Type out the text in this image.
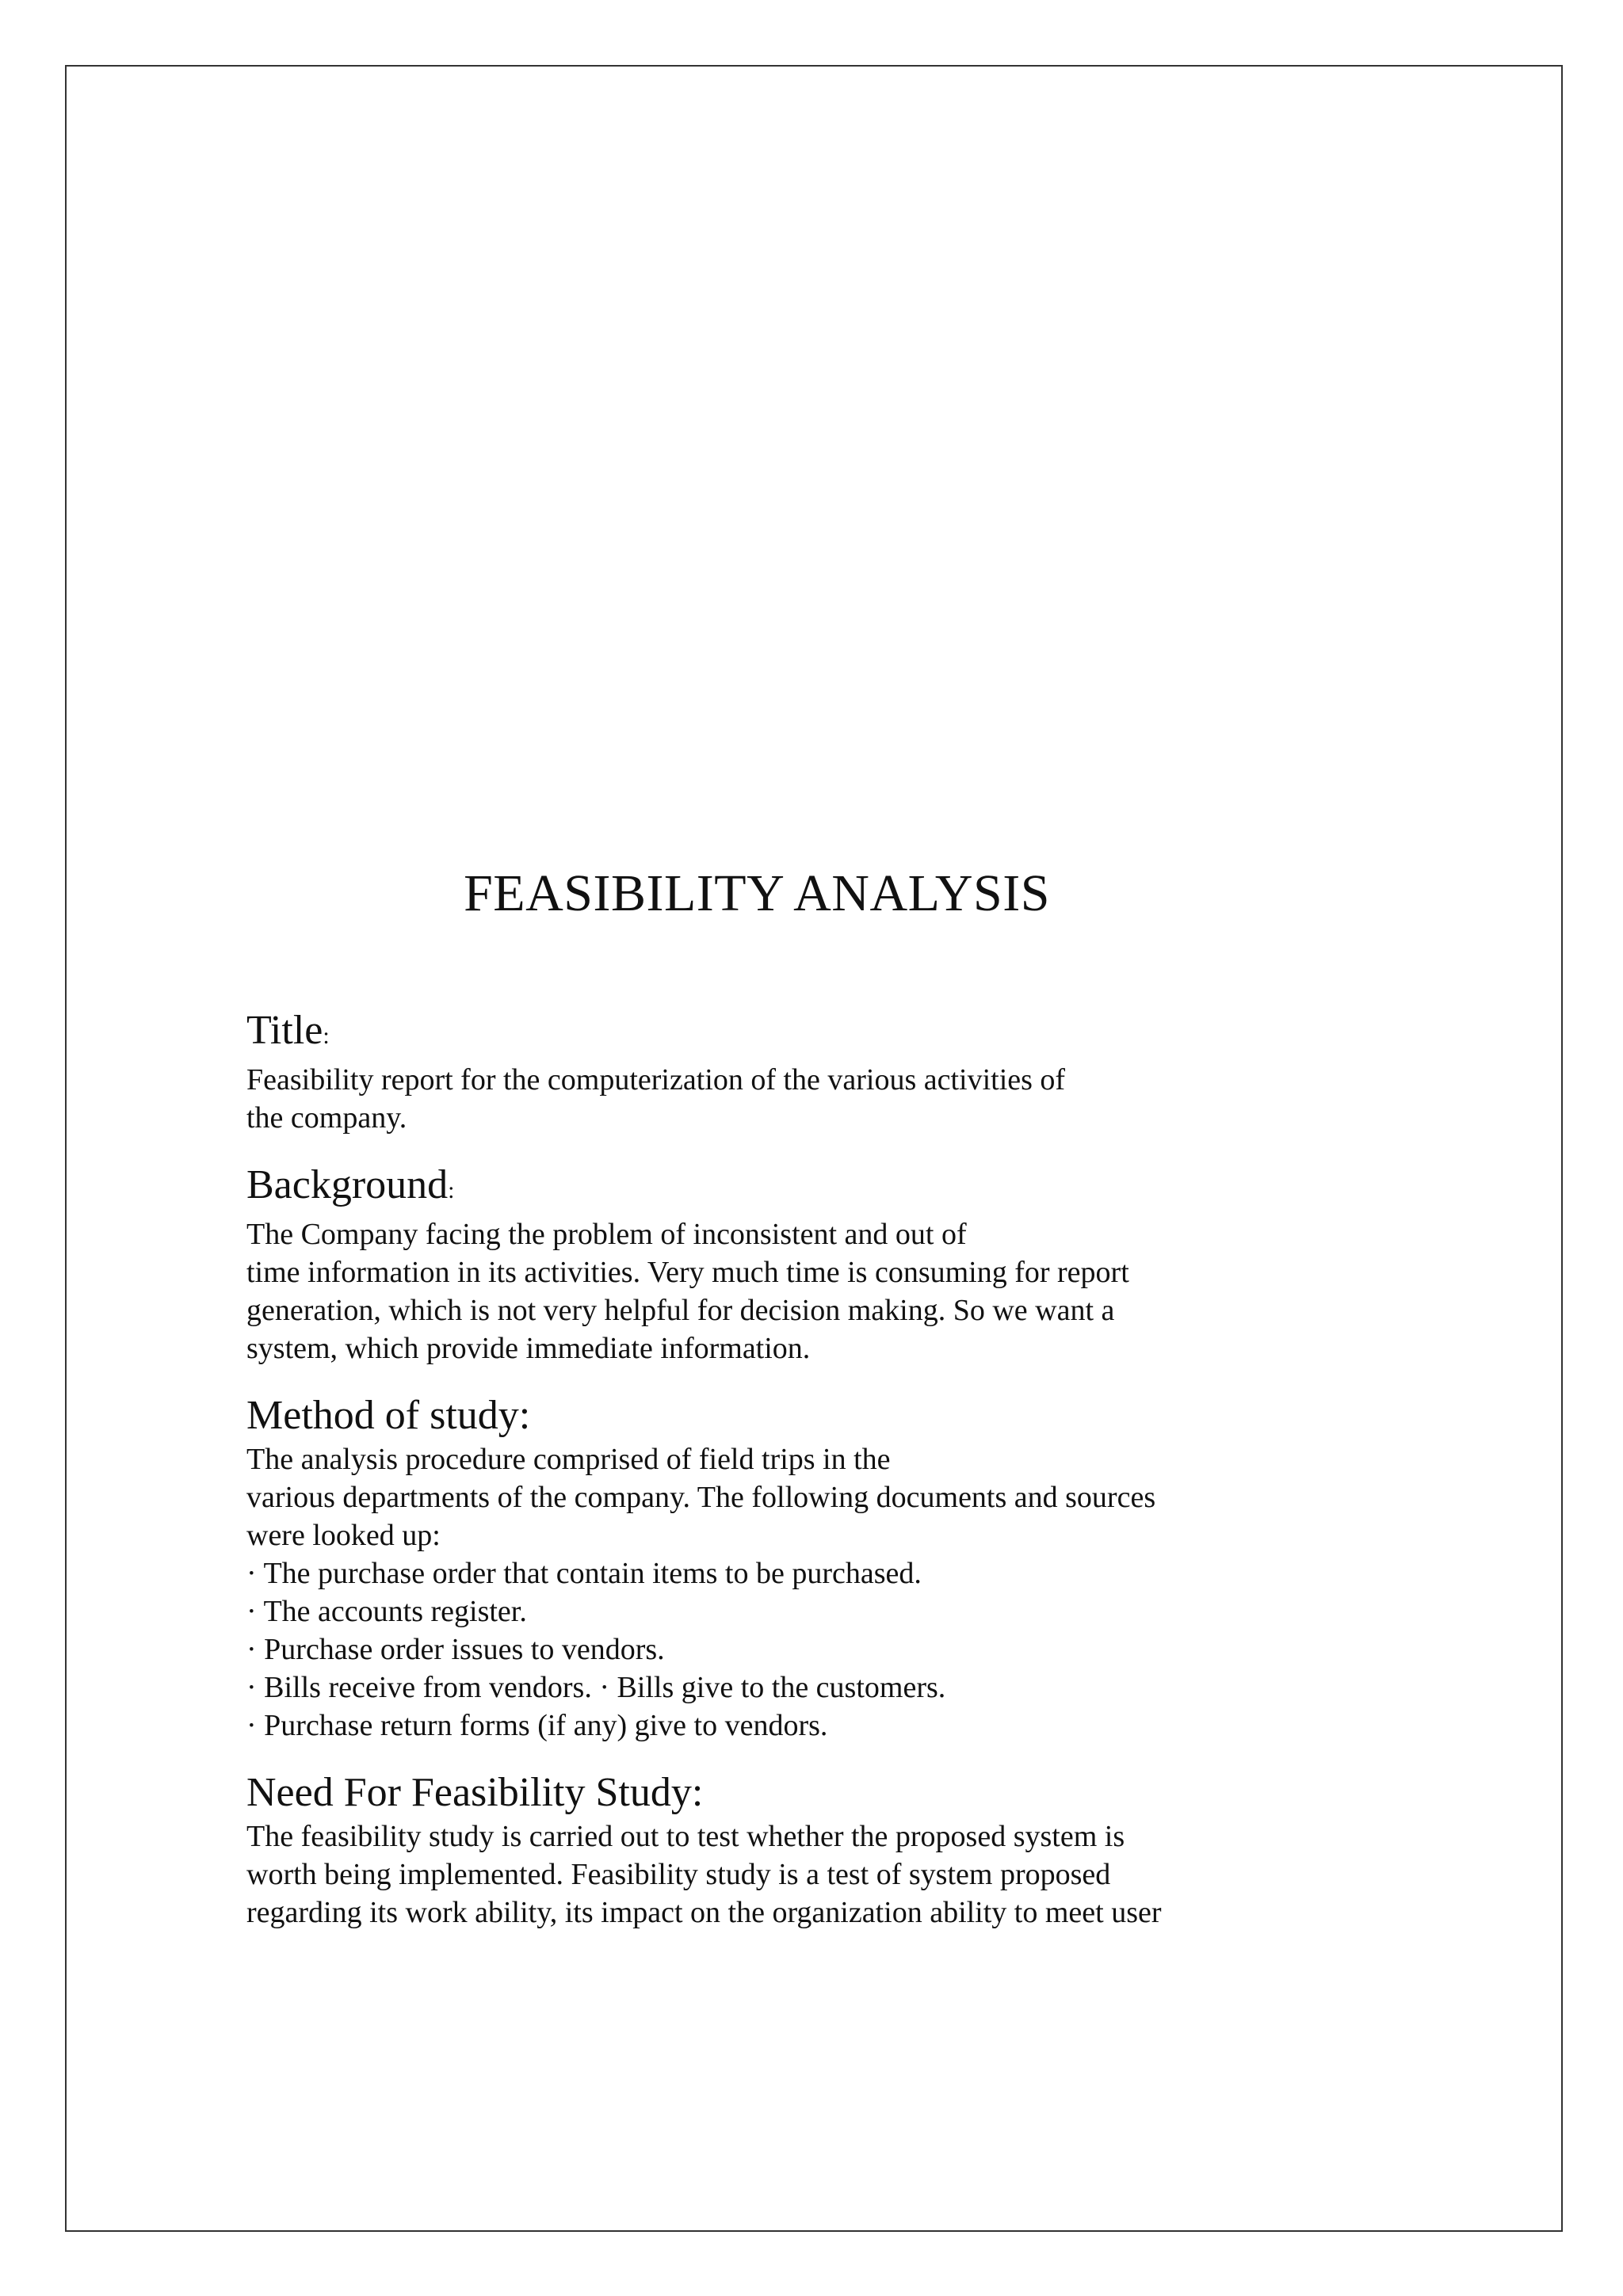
FEASIBILITY ANALYSIS

Title:

Feasibility report for the computerization of the various activities of

the company.

Background:

The Company facing the problem of inconsistent and out of

time information in its activities. Very much time is consuming for report

generation, which is not very helpful for decision making. So we want a

system, which provide immediate information.

Method of study:

The analysis procedure comprised of field trips in the

various departments of the company. The following documents and sources

were looked up:

· The purchase order that contain items to be purchased.

· The accounts register.

· Purchase order issues to vendors.

· Bills receive from vendors. · Bills give to the customers.

· Purchase return forms (if any) give to vendors.

Need For Feasibility Study:

The feasibility study is carried out to test whether the proposed system is

worth being implemented. Feasibility study is a test of system proposed

regarding its work ability, its impact on the organization ability to meet user
